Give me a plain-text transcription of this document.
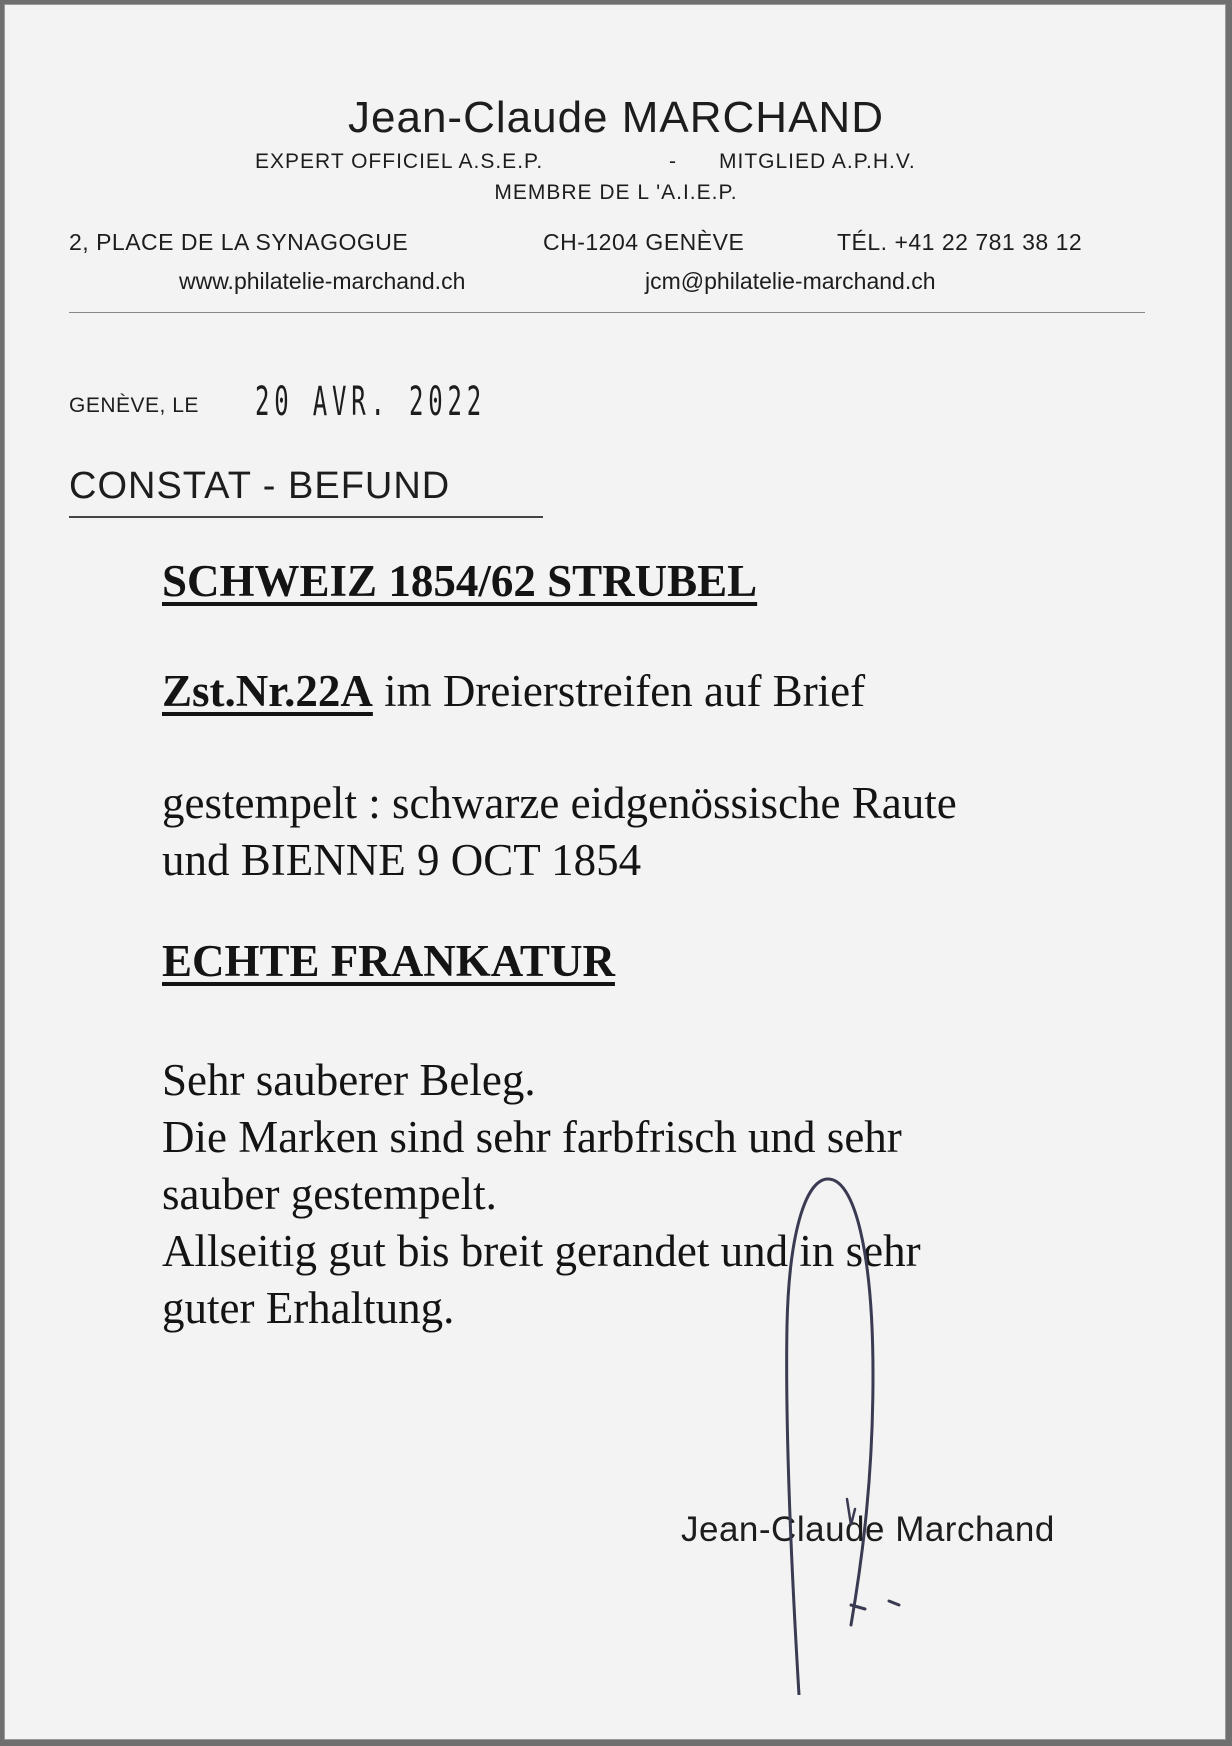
Jean-Claude MARCHAND
EXPERT OFFICIEL A.S.E.P.	- MITGLIED A.P.H.V.
MEMBRE DE L 'A.I.E.P.
2, PLACE DE LA SYNAGOGUE	CH-1204 GENÈVE	TÉL. +41 22 781 38 12
www.philatelie-marchand.ch	jcm@philatelie-marchand.ch
GENÈVE, LE 20 AVR. 2022
CONSTAT - BEFUND
SCHWEIZ 1854/62 STRUBEL
Zst.Nr.22A im Dreierstreifen auf Brief
gestempelt : schwarze eidgenössische Raute
und BIENNE 9 OCT 1854
ECHTE FRANKATUR
Sehr sauberer Beleg.
Die Marken sind sehr farbfrisch und sehr
sauber gestempelt.
Allseitig gut bis breit gerandet und in sehr
guter Erhaltung.
Jean-Claude Marchand
